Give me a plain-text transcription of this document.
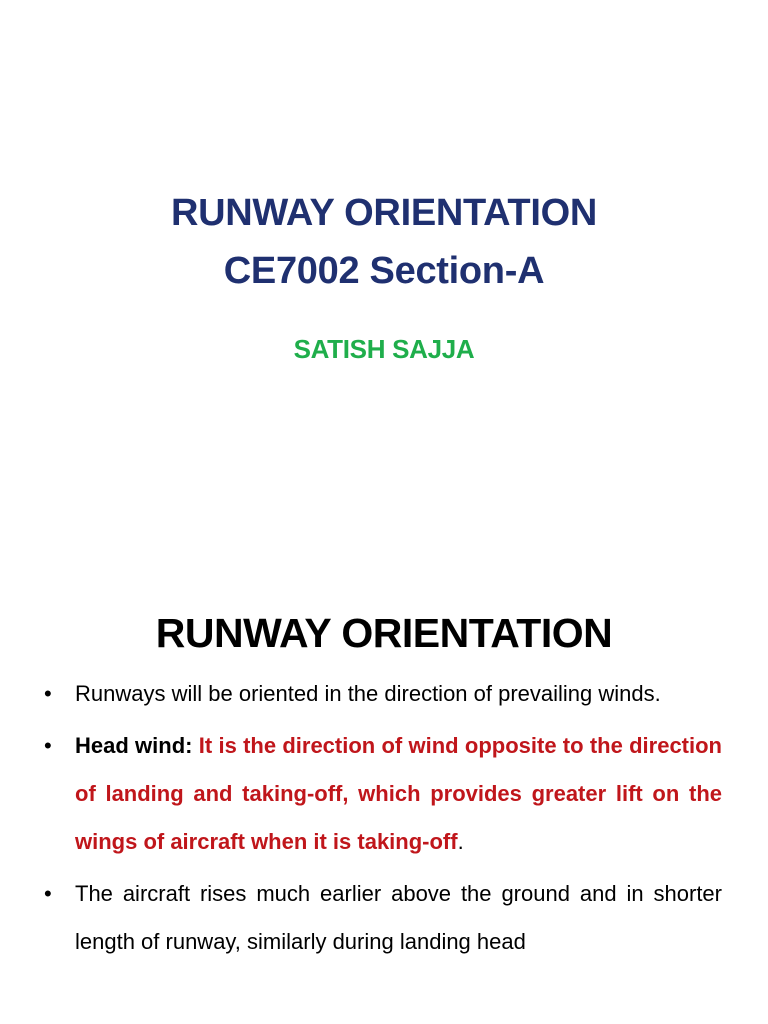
RUNWAY ORIENTATION
CE7002 Section-A
SATISH SAJJA
RUNWAY ORIENTATION
• Runways will be oriented in the direction of prevailing winds.
• Head wind: It is the direction of wind opposite to the direction of landing and taking-off, which provides greater lift on the wings of aircraft when it is taking-off.
• The aircraft rises much earlier above the ground and in shorter length of runway, similarly during landing head
